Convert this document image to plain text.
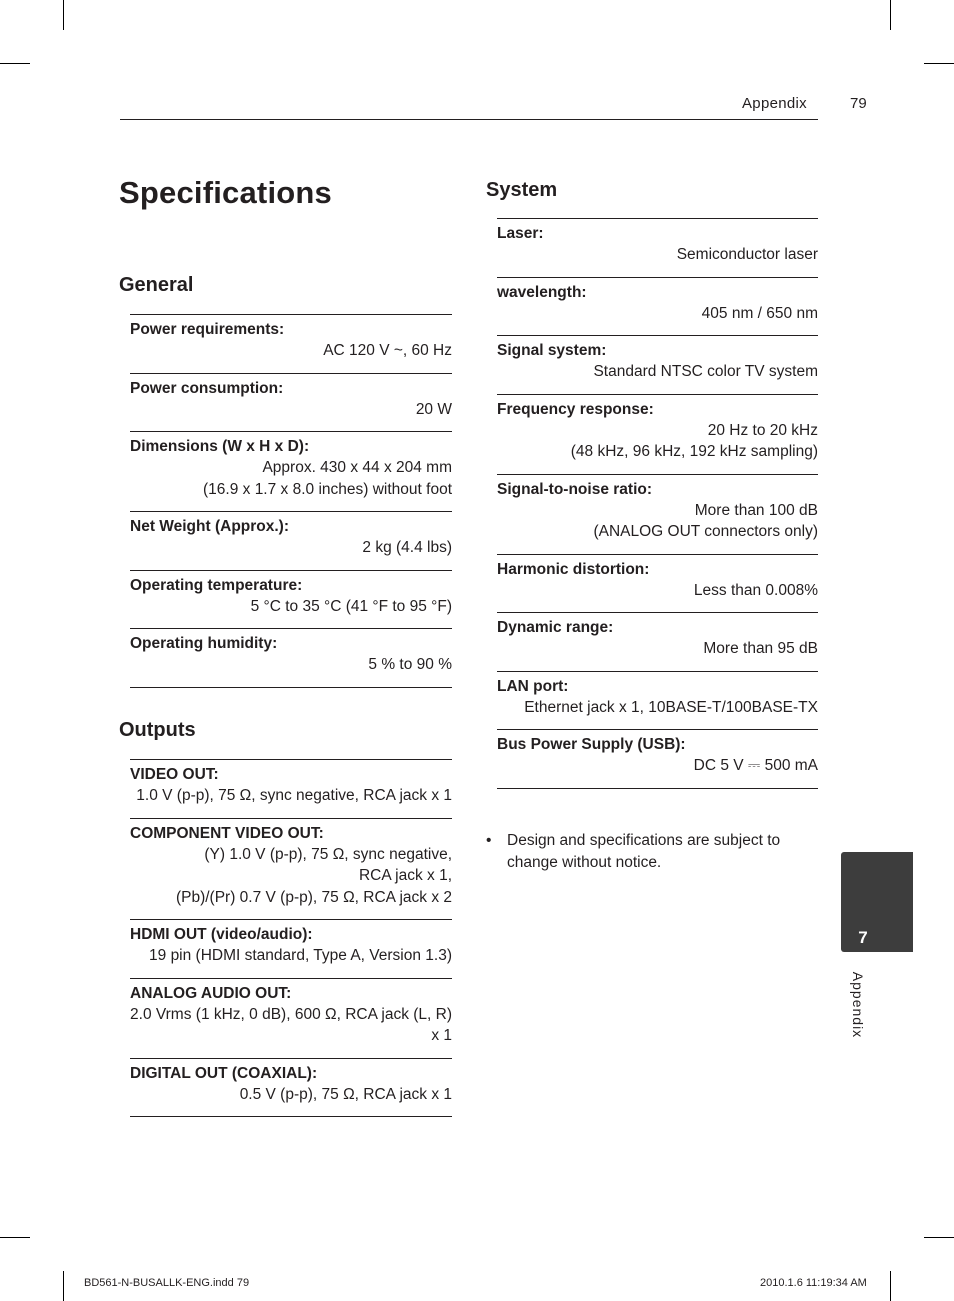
Appendix	79
Specifications
General
Power requirements:
AC 120 V ~, 60 Hz
Power consumption:
20 W
Dimensions (W x H x D):
Approx. 430 x 44 x 204 mm
(16.9 x 1.7 x 8.0 inches) without foot
Net Weight (Approx.):
2 kg (4.4 lbs)
Operating temperature:
5 °C to 35 °C (41 °F to 95 °F)
Operating humidity:
5 % to 90 %
Outputs
VIDEO OUT:
1.0 V (p-p), 75 Ω, sync negative, RCA jack x 1
COMPONENT VIDEO OUT:
(Y) 1.0 V (p-p), 75 Ω, sync negative,
RCA jack x 1,
(Pb)/(Pr) 0.7 V (p-p), 75 Ω, RCA jack x 2
HDMI OUT (video/audio):
19 pin (HDMI standard, Type A, Version 1.3)
ANALOG AUDIO OUT:
2.0 Vrms (1 kHz, 0 dB), 600 Ω, RCA jack (L, R) x 1
DIGITAL OUT (COAXIAL):
0.5 V (p-p), 75 Ω, RCA jack x 1
System
Laser:
Semiconductor laser
wavelength:
405 nm / 650 nm
Signal system:
Standard NTSC color TV system
Frequency response:
20 Hz to 20 kHz
(48 kHz, 96 kHz, 192 kHz sampling)
Signal-to-noise ratio:
More than 100 dB
(ANALOG OUT connectors only)
Harmonic distortion:
Less than 0.008%
Dynamic range:
More than 95 dB
LAN port:
Ethernet jack x 1, 10BASE-T/100BASE-TX
Bus Power Supply (USB):
DC 5 V ⎓ 500 mA
• Design and specifications are subject to change without notice.
7
Appendix
BD561-N-BUSALLK-ENG.indd 79	2010.1.6 11:19:34 AM
